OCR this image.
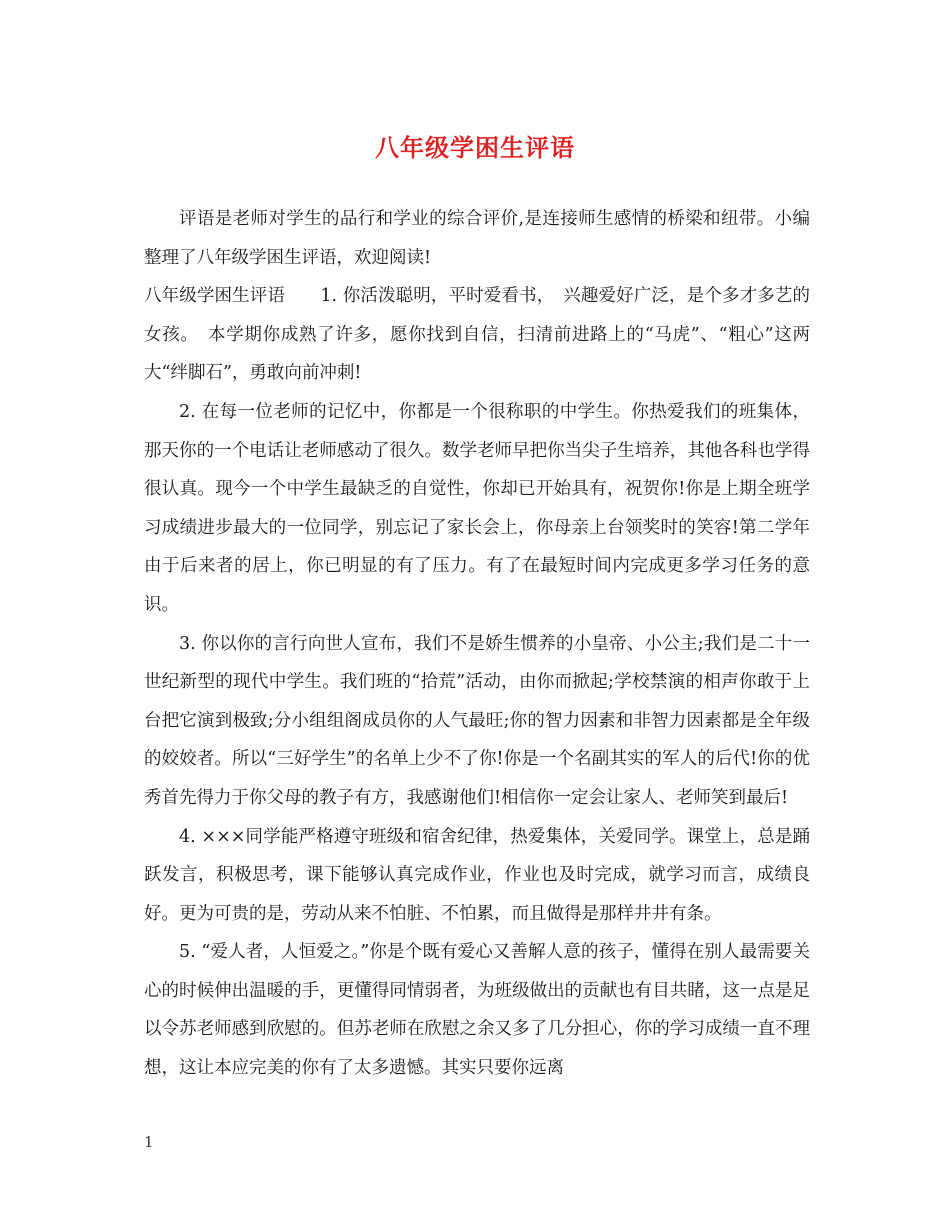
八年级学困生评语

评语是老师对学生的品行和学业的综合评价,是连接师生感情的桥梁和纽带。小编整理了八年级学困生评语，欢迎阅读!

八年级学困生评语　　1. 你活泼聪明，平时爱看书，　兴趣爱好广泛，是个多才多艺的女孩。　本学期你成熟了许多，愿你找到自信，扫清前进路上的“马虎”、“粗心”这两大“绊脚石”，勇敢向前冲刺!

2. 在每一位老师的记忆中，你都是一个很称职的中学生。你热爱我们的班集体，那天你的一个电话让老师感动了很久。数学老师早把你当尖子生培养，其他各科也学得很认真。现今一个中学生最缺乏的自觉性，你却已开始具有，祝贺你!你是上期全班学习成绩进步最大的一位同学，别忘记了家长会上，你母亲上台领奖时的笑容!第二学年由于后来者的居上，你已明显的有了压力。有了在最短时间内完成更多学习任务的意识。

3. 你以你的言行向世人宣布，我们不是娇生惯养的小皇帝、小公主;我们是二十一世纪新型的现代中学生。我们班的“拾荒”活动，由你而掀起;学校禁演的相声你敢于上台把它演到极致;分小组组阁成员你的人气最旺;你的智力因素和非智力因素都是全年级的姣姣者。所以“三好学生”的名单上少不了你!你是一个名副其实的军人的后代!你的优秀首先得力于你父母的教子有方，我感谢他们!相信你一定会让家人、老师笑到最后!

4. ×××同学能严格遵守班级和宿舍纪律，热爱集体，关爱同学。课堂上，总是踊跃发言，积极思考，课下能够认真完成作业，作业也及时完成，就学习而言，成绩良好。更为可贵的是，劳动从来不怕脏、不怕累，而且做得是那样井井有条。

5. “爱人者，人恒爱之。”你是个既有爱心又善解人意的孩子，懂得在别人最需要关心的时候伸出温暖的手，更懂得同情弱者，为班级做出的贡献也有目共睹，这一点是足以令苏老师感到欣慰的。但苏老师在欣慰之余又多了几分担心，你的学习成绩一直不理想，这让本应完美的你有了太多遗憾。其实只要你远离

1
